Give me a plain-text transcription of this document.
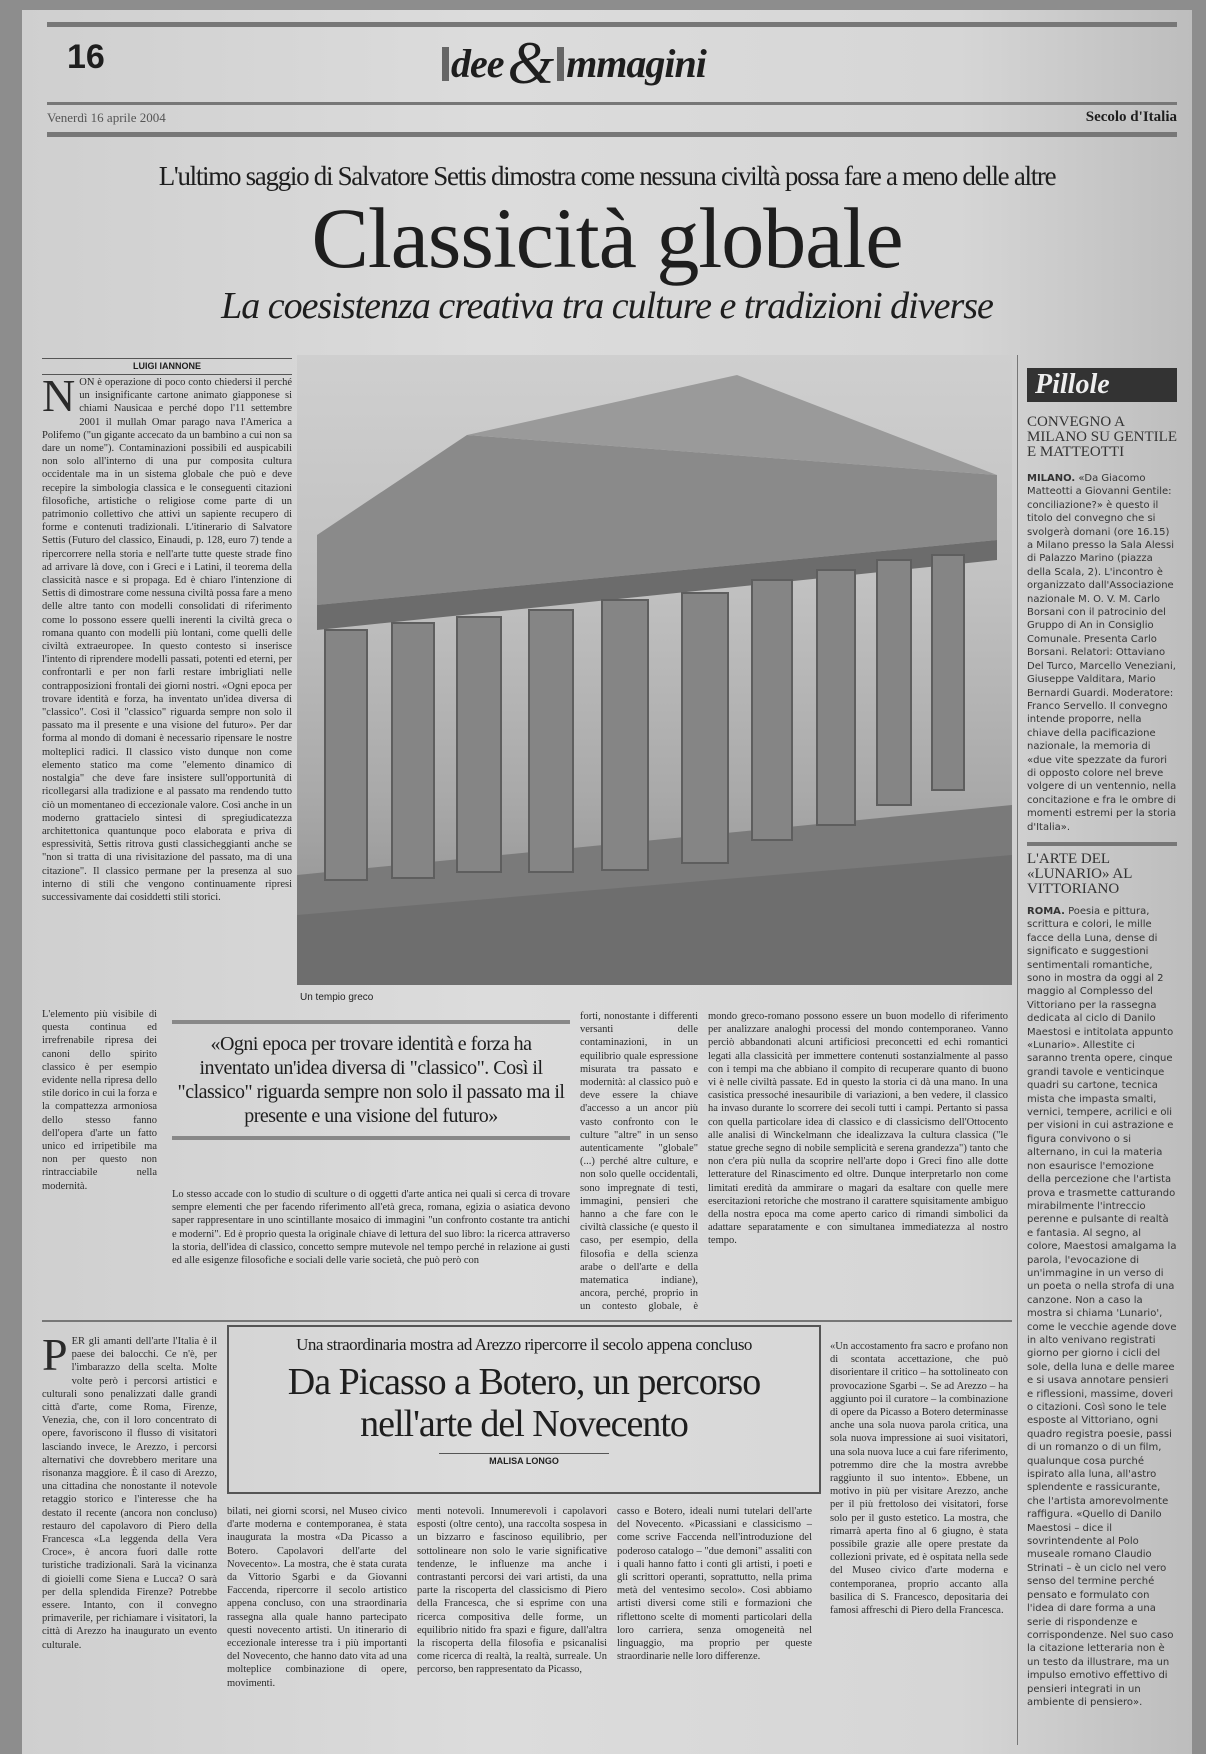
16	dee& mmagini
Venerdì 16 aprile 2004	Secolo d'Italia
L'ultimo saggio di Salvatore Settis dimostra come nessuna civiltà possa fare a meno delle altre
Classicità globale
La coesistenza creativa tra culture e tradizioni diverse
LUIGI IANNONE
NON è operazione di poco conto chiedersi il perché un insignificante cartone animato giapponese si chiami Nausicaa e perché dopo l'11 settembre 2001 il mullah Omar parago nava l'America a Polifemo ("un gigante accecato da un bambino a cui non sa dare un nome"). Contaminazioni possibili ed auspicabili non solo all'interno di una pur composita cultura occidentale ma in un sistema globale che può e deve recepire la simbologia classica e le conseguenti citazioni filosofiche, artistiche o religiose come parte di un patrimonio collettivo che attivi un sapiente recupero di forme e contenuti tradizionali. L'itinerario di Salvatore Settis (Futuro del classico, Einaudi, p. 128, euro 7) tende a ripercorrere nella storia e nell'arte tutte queste strade fino ad arrivare là dove, con i Greci e i Latini, il teorema della classicità nasce e si propaga. Ed è chiaro l'intenzione di Settis di dimostrare come nessuna civiltà possa fare a meno delle altre tanto con modelli consolidati di riferimento come lo possono essere quelli inerenti la civiltà greca o romana quanto con modelli più lontani, come quelli delle civiltà extraeuropee. In questo contesto si inserisce l'intento di riprendere modelli passati, potenti ed eterni, per confrontarli e per non farli restare imbrigliati nelle contrapposizioni frontali dei giorni nostri. «Ogni epoca per trovare identità e forza, ha inventato un'idea diversa di "classico". Così il "classico" riguarda sempre non solo il passato ma il presente e una visione del futuro». Per dar forma al mondo di domani è necessario ripensare le nostre molteplici radici. Il classico visto dunque non come elemento statico ma come "elemento dinamico di nostalgia" che deve fare insistere sull'opportunità di ricollegarsi alla tradizione e al passato ma rendendo tutto ciò un momentaneo di eccezionale valore. Così anche in un moderno grattacielo sintesi di spregiudicatezza architettonica quantunque poco elaborata e priva di espressività, Settis ritrova gusti classicheggianti anche se "non si tratta di una rivisitazione del passato, ma di una citazione". Il classico permane per la presenza al suo interno di stili che vengono continuamente ripresi successivamente dai cosiddetti stili storici.
Un tempio greco
Pillole
CONVEGNO A MILANO SU GENTILE E MATTEOTTI
MILANO. «Da Giacomo Matteotti a Giovanni Gentile: conciliazione?» è questo il titolo del convegno che si svolgerà domani (ore 16.15) a Milano presso la Sala Alessi di Palazzo Marino (piazza della Scala, 2). L'incontro è organizzato dall'Associazione nazionale M. O. V. M. Carlo Borsani con il patrocinio del Gruppo di An in Consiglio Comunale. Presenta Carlo Borsani. Relatori: Ottaviano Del Turco, Marcello Veneziani, Giuseppe Valditara, Mario Bernardi Guardi. Moderatore: Franco Servello. Il convegno intende proporre, nella chiave della pacificazione nazionale, la memoria di «due vite spezzate da furori di opposto colore nel breve volgere di un ventennio, nella concitazione e fra le ombre di momenti estremi per la storia d'Italia».
L'ARTE DEL «LUNARIO» AL VITTORIANO
ROMA. Poesia e pittura, scrittura e colori, le mille facce della Luna, dense di significato e suggestioni sentimentali romantiche, sono in mostra da oggi al 2 maggio al Complesso del Vittoriano per la rassegna dedicata al ciclo di Danilo Maestosi e intitolata appunto «Lunario». Allestite ci saranno trenta opere, cinque grandi tavole e venticinque quadri su cartone, tecnica mista che impasta smalti, vernici, tempere, acrilici e oli per visioni in cui astrazione e figura convivono o si alternano, in cui la materia non esaurisce l'emozione della percezione che l'artista prova e trasmette catturando mirabilmente l'intreccio perenne e pulsante di realtà e fantasia. Al segno, al colore, Maestosi amalgama la parola, l'evocazione di un'immagine in un verso di un poeta o nella strofa di una canzone. Non a caso la mostra si chiama 'Lunario', come le vecchie agende dove in alto venivano registrati giorno per giorno i cicli del sole, della luna e delle maree e si usava annotare pensieri e riflessioni, massime, doveri o citazioni. Così sono le tele esposte al Vittoriano, ogni quadro registra poesie, passi di un romanzo o di un film, qualunque cosa purché ispirato alla luna, all'astro splendente e rassicurante, che l'artista amorevolmente raffigura. «Quello di Danilo Maestosi – dice il sovrintendente al Polo museale romano Claudio Strinati – è un ciclo nel vero senso del termine perché pensato e formulato con l'idea di dare forma a una serie di rispondenze e corrispondenze. Nel suo caso la citazione letteraria non è un testo da illustrare, ma un impulso emotivo effettivo di pensieri integrati in un ambiente di pensiero».
L'elemento più visibile di questa continua ed irrefrenabile ripresa dei canoni dello spirito classico è per esempio evidente nella ripresa dello stile dorico in cui la forza e la compattezza armoniosa dello stesso fanno dell'opera d'arte un fatto unico ed irripetibile ma non per questo non rintracciabile nella modernità.
«Ogni epoca per trovare identità e forza ha inventato un'idea diversa di "classico". Così il "classico" riguarda sempre non solo il passato ma il presente e una visione del futuro»
Lo stesso accade con lo studio di sculture o di oggetti d'arte antica nei quali si cerca di trovare sempre elementi che per facendo riferimento all'età greca, romana, egizia o asiatica devono saper rappresentare in uno scintillante mosaico di immagini "un confronto costante tra antichi e moderni". Ed è proprio questa la originale chiave di lettura del suo libro: la ricerca attraverso la storia, dell'idea di classico, concetto sempre mutevole nel tempo perché in relazione ai gusti ed alle esigenze filosofiche e sociali delle varie società, che può però con
forti, nonostante i differenti versanti delle contaminazioni, in un equilibrio quale espressione misurata tra passato e modernità: al classico può e deve essere la chiave d'accesso a un ancor più vasto confronto con le culture "altre" in un senso autenticamente "globale" (...) perché altre culture, e non solo quelle occidentali, sono impregnate di testi, immagini, pensieri che hanno a che fare con le civiltà classiche (e questo il caso, per esempio, della filosofia e della scienza arabe o dell'arte e della matematica indiane), ancora, perché, proprio in un contesto globale, è
mondo greco-romano possono essere un buon modello di riferimento per analizzare analoghi processi del mondo contemporaneo. Vanno perciò abbandonati alcuni artificiosi preconcetti ed echi romantici legati alla classicità per immettere contenuti sostanzialmente al passo con i tempi ma che abbiano il compito di recuperare quanto di buono vi è nelle civiltà passate. Ed in questo la storia ci dà una mano. In una casistica pressoché inesauribile di variazioni, a ben vedere, il classico ha invaso durante lo scorrere dei secoli tutti i campi. Pertanto si passa con quella particolare idea di classico e di classicismo dell'Ottocento alle analisi di Winckelmann che idealizzava la cultura classica ("le statue greche segno di nobile semplicità e serena grandezza") tanto che non c'era più nulla da scoprire nell'arte dopo i Greci fino alle dotte letterature del Rinascimento ed oltre. Dunque interpretarlo non come limitati eredità da ammirare o magari da esaltare con quelle mere esercitazioni retoriche che mostrano il carattere squisitamente ambiguo della nostra epoca ma come aperto carico di rimandi simbolici da adattare separatamente e con simultanea immediatezza al nostro tempo.
Una straordinaria mostra ad Arezzo ripercorre il secolo appena concluso
Da Picasso a Botero, un percorso nell'arte del Novecento
MALISA LONGO
PER gli amanti dell'arte l'Italia è il paese dei balocchi. Ce n'è, per l'imbarazzo della scelta. Molte volte però i percorsi artistici e culturali sono penalizzati dalle grandi città d'arte, come Roma, Firenze, Venezia, che, con il loro concentrato di opere, favoriscono il flusso di visitatori lasciando invece, le Arezzo, i percorsi alternativi che dovrebbero meritare una risonanza maggiore. È il caso di Arezzo, una cittadina che nonostante il notevole retaggio storico e l'interesse che ha destato il recente (ancora non concluso) restauro del capolavoro di Piero della Francesca «La leggenda della Vera Croce», è ancora fuori dalle rotte turistiche tradizionali. Sarà la vicinanza di gioielli come Siena e Lucca? O sarà per della splendida Firenze? Potrebbe essere. Intanto, con il convegno primaverile, per richiamare i visitatori, la città di Arezzo ha inaugurato un evento culturale.
bilati, nei giorni scorsi, nel Museo civico d'arte moderna e contemporanea, è stata inaugurata la mostra «Da Picasso a Botero. Capolavori dell'arte del Novecento». La mostra, che è stata curata da Vittorio Sgarbi e da Giovanni Faccenda, ripercorre il secolo artistico appena concluso, con una straordinaria rassegna alla quale hanno partecipato questi novecento artisti. Un itinerario di eccezionale interesse tra i più importanti del Novecento, che hanno dato vita ad una molteplice combinazione di opere, movimenti.
menti notevoli. Innumerevoli i capolavori esposti (oltre cento), una raccolta sospesa in un bizzarro e fascinoso equilibrio, per sottolineare non solo le varie significative tendenze, le influenze ma anche i contrastanti percorsi dei vari artisti, da una parte la riscoperta del classicismo di Piero della Francesca, che si esprime con una ricerca compositiva delle forme, un equilibrio nitido fra spazi e figure, dall'altra la riscoperta della filosofia e psicanalisi come ricerca di realtà, la realtà, surreale. Un percorso, ben rappresentato da Picasso,
casso e Botero, ideali numi tutelari dell'arte del Novecento. «Picassiani e classicismo – come scrive Faccenda nell'introduzione del poderoso catalogo – "due demoni" assaliti con i quali hanno fatto i conti gli artisti, i poeti e gli scrittori operanti, soprattutto, nella prima metà del ventesimo secolo». Così abbiamo artisti diversi come stili e formazioni che riflettono scelte di momenti particolari della loro carriera, senza omogeneità nel linguaggio, ma proprio per queste straordinarie nelle loro differenze.
«Un accostamento fra sacro e profano non di scontata accettazione, che può disorientare il critico – ha sottolineato con provocazione Sgarbi –. Se ad Arezzo – ha aggiunto poi il curatore – la combinazione di opere da Picasso a Botero determinasse anche una sola nuova parola critica, una sola nuova impressione ai suoi visitatori, una sola nuova luce a cui fare riferimento, potremmo dire che la mostra avrebbe raggiunto il suo intento». Ebbene, un motivo in più per visitare Arezzo, anche per il più frettoloso dei visitatori, forse solo per il gusto estetico. La mostra, che rimarrà aperta fino al 6 giugno, è stata possibile grazie alle opere prestate da collezioni private, ed è ospitata nella sede del Museo civico d'arte moderna e contemporanea, proprio accanto alla basilica di S. Francesco, depositaria dei famosi affreschi di Piero della Francesca.
